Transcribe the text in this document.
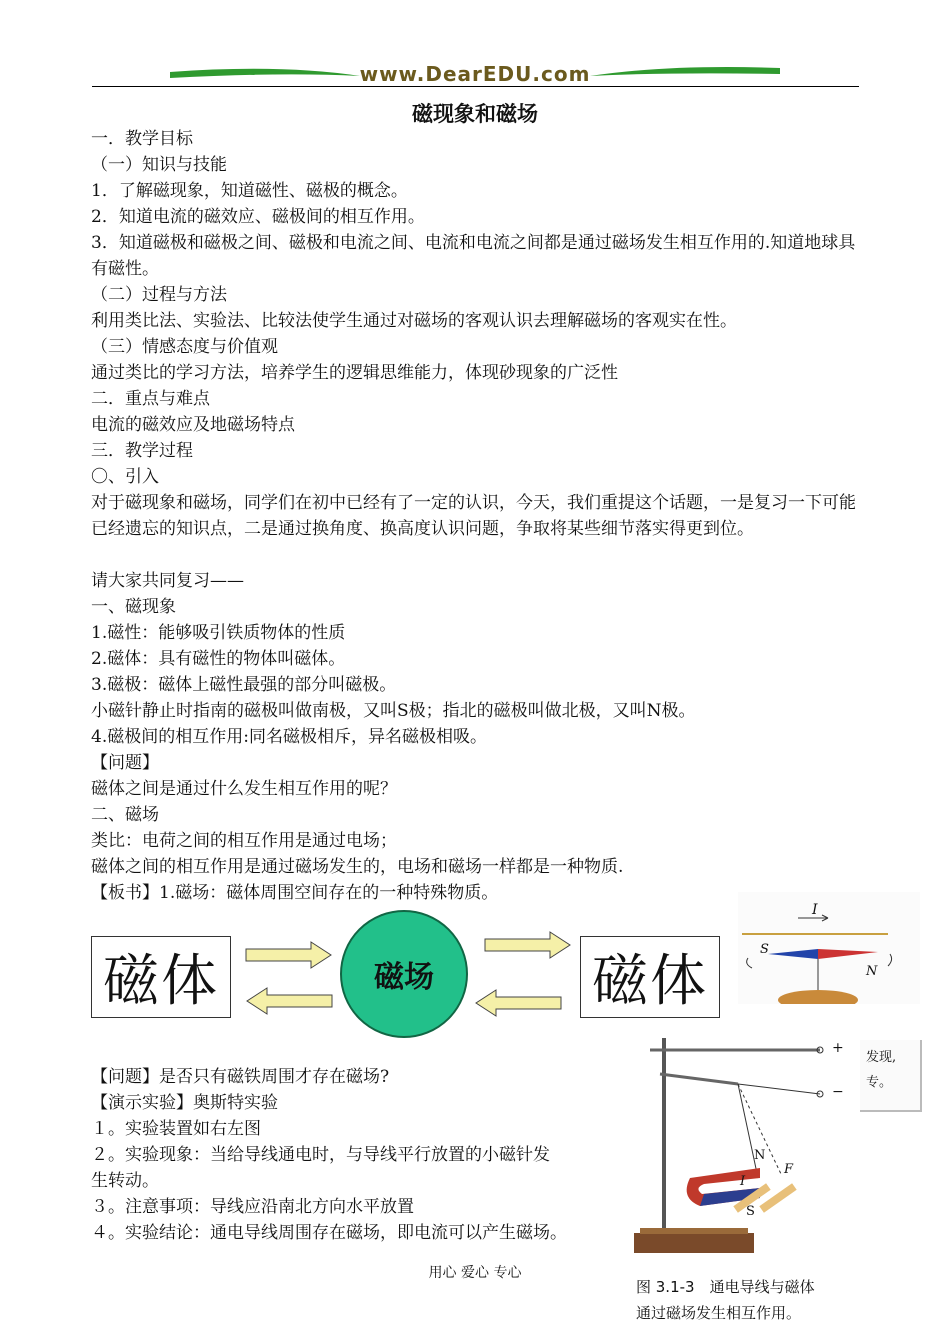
www.DearEDU.com
磁现象和磁场
一．教学目标
（一）知识与技能
1．了解磁现象，知道磁性、磁极的概念。
2．知道电流的磁效应、磁极间的相互作用。
3．知道磁极和磁极之间、磁极和电流之间、电流和电流之间都是通过磁场发生相互作用的.知道地球具有磁性。
（二）过程与方法
利用类比法、实验法、比较法使学生通过对磁场的客观认识去理解磁场的客观实在性。
（三）情感态度与价值观
通过类比的学习方法，培养学生的逻辑思维能力，体现砂现象的广泛性
二．重点与难点
电流的磁效应及地磁场特点
三．教学过程
〇、引入
对于磁现象和磁场，同学们在初中已经有了一定的认识，今天，我们重提这个话题，一是复习一下可能已经遗忘的知识点，二是通过换角度、换高度认识问题，争取将某些细节落实得更到位。
请大家共同复习——
一、磁现象
1.磁性：能够吸引铁质物体的性质
2.磁体：具有磁性的物体叫磁体。
3.磁极：磁体上磁性最强的部分叫磁极。
小磁针静止时指南的磁极叫做南极，又叫S极；指北的磁极叫做北极，又叫N极。
4.磁极间的相互作用:同名磁极相斥，异名磁极相吸。
【问题】
磁体之间是通过什么发生相互作用的呢？
二、磁场
类比：电荷之间的相互作用是通过电场；
磁体之间的相互作用是通过磁场发生的，电场和磁场一样都是一种物质.
【板书】1.磁场：磁体周围空间存在的一种特殊物质。
磁体	磁场	磁体
I
S
N
发现,
专。
【问题】是否只有磁铁周围才存在磁场?
【演示实验】奥斯特实验
１。实验装置如右左图
２。实验现象：当给导线通电时，与导线平行放置的小磁针发
生转动。
３。注意事项：导线应沿南北方向水平放置
４。实验结论：通电导线周围存在磁场，即电流可以产生磁场。
+
−
N
F
I
S
图 3.1-3　通电导线与磁体
通过磁场发生相互作用。
用心 爱心 专心
